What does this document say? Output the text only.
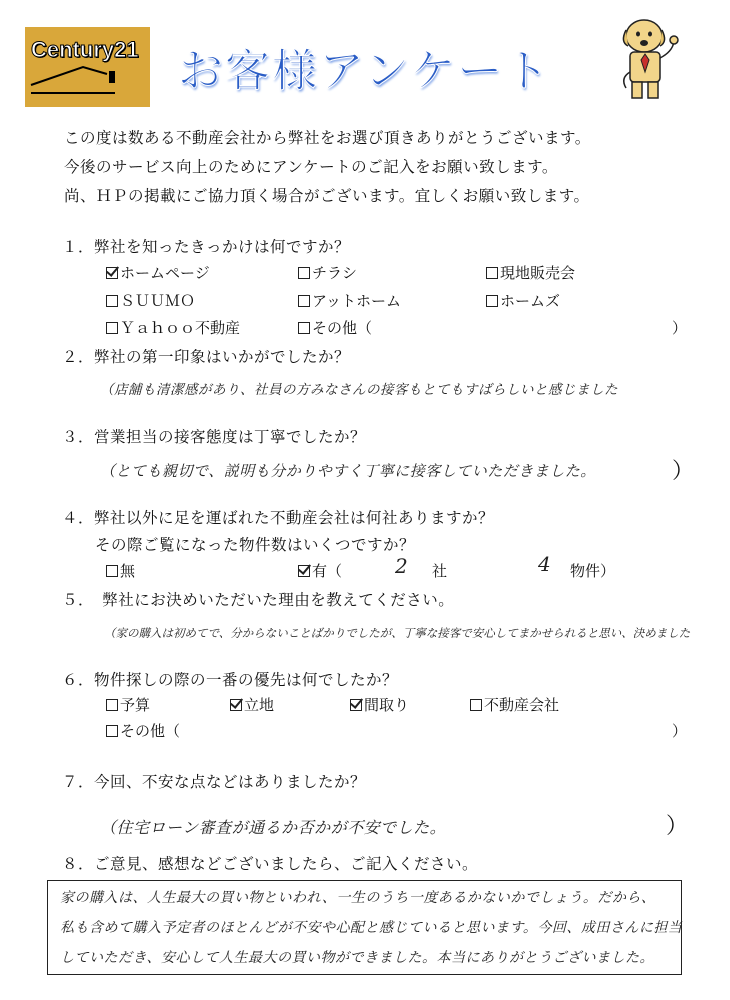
Century21 お客様アンケート
この度は数ある不動産会社から弊社をお選び頂きありがとうございます。
今後のサービス向上のためにアンケートのご記入をお願い致します。
尚、ＨＰの掲載にご協力頂く場合がございます。宜しくお願い致します。
１．弊社を知ったきっかけは何ですか？
ホームページ	チラシ	現地販売会
ＳＵＵＭＯ	アットホーム	ホームズ
Ｙａｈｏｏ不動産	その他（	）
２．弊社の第一印象はいかがでしたか？
（店舗も清潔感があり、社員の方みなさんの接客もとてもすばらしいと感じました
３．営業担当の接客態度は丁寧でしたか？
（とても親切で、説明も分かりやすく丁寧に接客していただきました。	）
４．弊社以外に足を運ばれた不動産会社は何社ありますか？
その際ご覧になった物件数はいくつですか？
無	有（	2 社	4 物件）
５．　弊社にお決めいただいた理由を教えてください。
（家の購入は初めてで、分からないことばかりでしたが、丁寧な接客で安心してまかせられると思い、決めました
６．物件探しの際の一番の優先は何でしたか？
予算	立地	間取り	不動産会社
その他（	）
７．今回、不安な点などはありましたか？
（住宅ローン審査が通るか否かが不安でした。	）
８．ご意見、感想などございましたら、ご記入ください。
家の購入は、人生最大の買い物といわれ、一生のうち一度あるかないかでしょう。だから、
私も含めて購入予定者のほとんどが不安や心配と感じていると思います。今回、成田さんに担当
していただき、安心して人生最大の買い物ができました。本当にありがとうございました。
